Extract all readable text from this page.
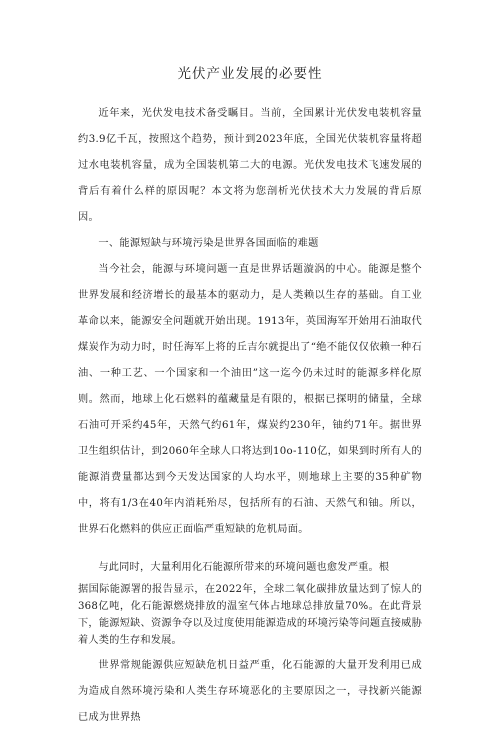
光伏产业发展的必要性

近年来，光伏发电技术备受瞩目。当前，全国累计光伏发电装机容量约3.9亿千瓦，按照这个趋势，预计到2023年底，全国光伏装机容量将超过水电装机容量，成为全国装机第二大的电源。光伏发电技术飞速发展的背后有着什么样的原因呢？本文将为您剖析光伏技术大力发展的背后原因。

一、能源短缺与环境污染是世界各国面临的难题

当今社会，能源与环境问题一直是世界话题漩涡的中心。能源是整个世界发展和经济增长的最基本的驱动力，是人类赖以生存的基础。自工业革命以来，能源安全问题就开始出现。1913年，英国海军开始用石油取代煤炭作为动力时，时任海军上将的丘吉尔就提出了“绝不能仅仅依赖一种石油、一种工艺、一个国家和一个油田”这一迄今仍未过时的能源多样化原则。然而，地球上化石燃料的蕴藏量是有限的，根据已探明的储量，全球石油可开采约45年，天然气约61年，煤炭约230年，铀约71年。据世界卫生组织估计，到2060年全球人口将达到10o-110亿，如果到时所有人的能源消费量都达到今天发达国家的人均水平，则地球上主要的35种矿物中，将有1/3在40年内消耗殆尽，包括所有的石油、天然气和铀。所以，世界石化燃料的供应正面临严重短缺的危机局面。

与此同时，大量利用化石能源所带来的环境问题也愈发严重。根

据国际能源署的报告显示，在2022年，全球二氧化碳排放量达到了惊人的368亿吨，化石能源燃烧排放的温室气体占地球总排放量70%。在此背景下，能源短缺、资源争夺以及过度使用能源造成的环境污染等问题直接威胁着人类的生存和发展。

世界常规能源供应短缺危机日益严重，化石能源的大量开发利用已成为造成自然环境污染和人类生存环境恶化的主要原因之一，寻找新兴能源已成为世界热
